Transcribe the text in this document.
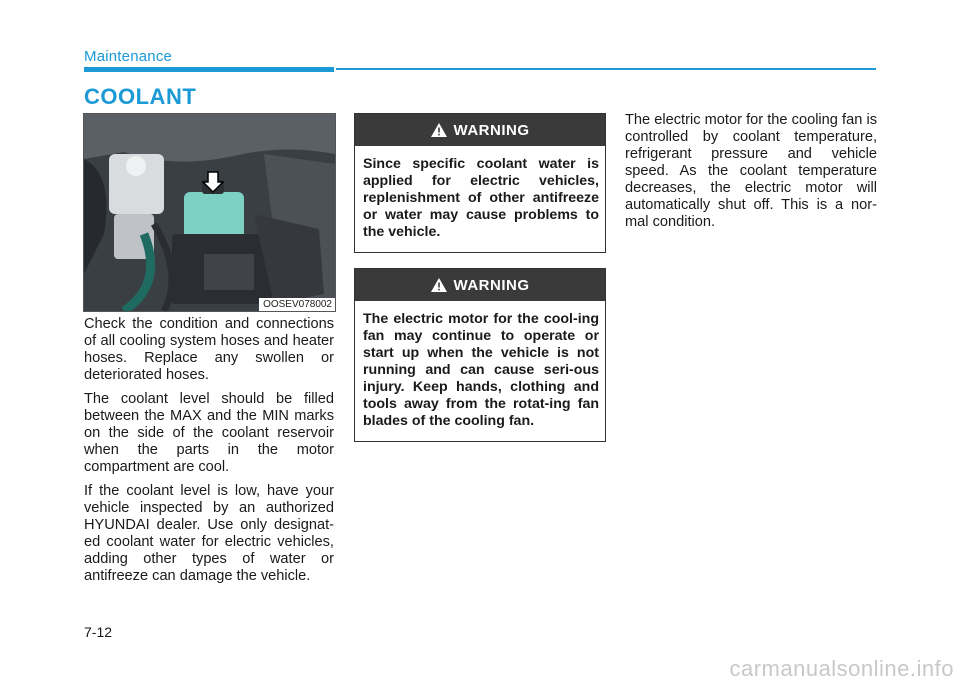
Maintenance
COOLANT
OOSEV078002

Check the condition and connections of all cooling system hoses and heater hoses. Replace any swollen or deteriorated hoses.

The coolant level should be filled between the MAX and the MIN marks on the side of the coolant reservoir when the parts in the motor compartment are cool.

If the coolant level is low, have your vehicle inspected by an authorized HYUNDAI dealer. Use only designat-ed coolant water for electric vehicles, adding other types of water or antifreeze can damage the vehicle.

WARNING
Since specific coolant water is applied for electric vehicles, replenishment of other antifreeze or water may cause problems to the vehicle.
WARNING
The electric motor for the cool-ing fan may continue to operate or start up when the vehicle is not running and can cause seri-ous injury. Keep hands, clothing and tools away from the rotat-ing fan blades of the cooling fan.

The electric motor for the cooling fan is controlled by coolant temperature, refrigerant pressure and vehicle speed. As the coolant temperature decreases, the electric motor will automatically shut off. This is a nor-mal condition.

7-12
carmanualsonline.info
